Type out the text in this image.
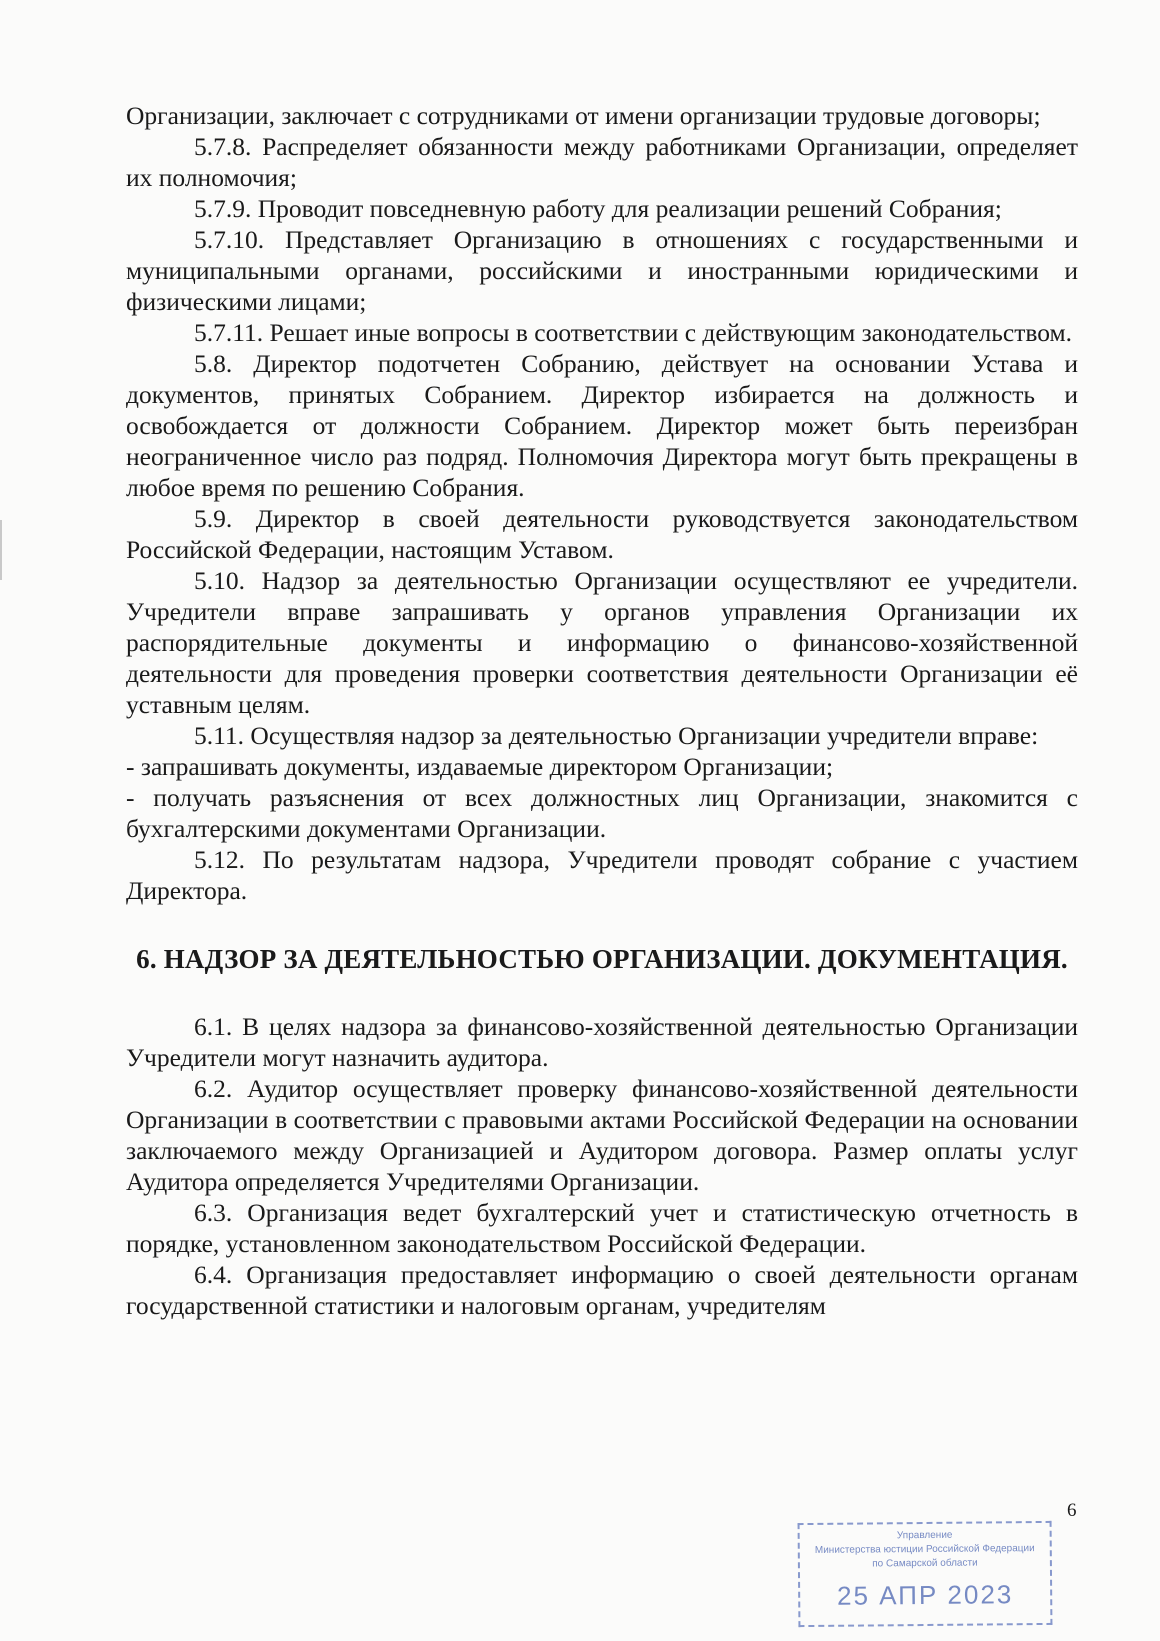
Организации, заключает с сотрудниками от имени организации трудовые договоры;

5.7.8. Распределяет обязанности между работниками Организации, определяет их полномочия;

5.7.9. Проводит повседневную работу для реализации решений Собрания;

5.7.10. Представляет Организацию в отношениях с государственными и муниципальными органами, российскими и иностранными юридическими и физическими лицами;

5.7.11. Решает иные вопросы в соответствии с действующим законодательством.

5.8. Директор подотчетен Собранию, действует на основании Устава и документов, принятых Собранием. Директор избирается на должность и освобождается от должности Собранием. Директор может быть переизбран неограниченное число раз подряд. Полномочия Директора могут быть прекращены в любое время по решению Собрания.

5.9. Директор в своей деятельности руководствуется законодательством Российской Федерации, настоящим Уставом.

5.10. Надзор за деятельностью Организации осуществляют ее учредители. Учредители вправе запрашивать у органов управления Организации их распорядительные документы и информацию о финансово-хозяйственной деятельности для проведения проверки соответствия деятельности Организации её уставным целям.

5.11. Осуществляя надзор за деятельностью Организации учредители вправе:

- запрашивать документы, издаваемые директором Организации;

- получать разъяснения от всех должностных лиц Организации, знакомится с бухгалтерскими документами Организации.

5.12. По результатам надзора, Учредители проводят собрание с участием Директора.

6. НАДЗОР ЗА ДЕЯТЕЛЬНОСТЬЮ ОРГАНИЗАЦИИ. ДОКУМЕНТАЦИЯ.

6.1. В целях надзора за финансово-хозяйственной деятельностью Организации Учредители могут назначить аудитора.

6.2. Аудитор осуществляет проверку финансово-хозяйственной деятельности Организации в соответствии с правовыми актами Российской Федерации на основании заключаемого между Организацией и Аудитором договора. Размер оплаты услуг Аудитора определяется Учредителями Организации.

6.3. Организация ведет бухгалтерский учет и статистическую отчетность в порядке, установленном законодательством Российской Федерации.

6.4. Организация предоставляет информацию о своей деятельности органам государственной статистики и налоговым органам, учредителям

6
Управление
Министерства юстиции Российской Федерации
по Самарской области
25 АПР 2023
